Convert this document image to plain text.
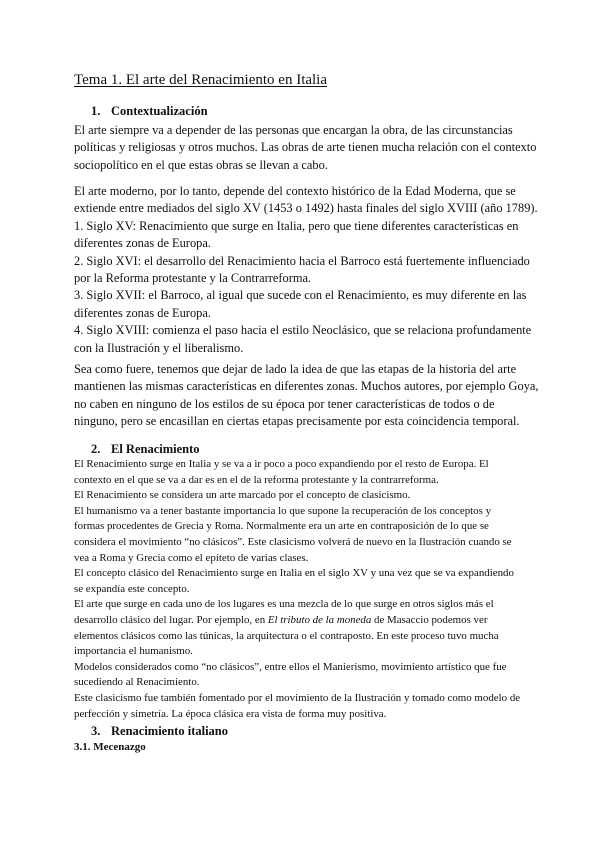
Tema 1. El arte del Renacimiento en Italia
1. Contextualización
El arte siempre va a depender de las personas que encargan la obra, de las circunstancias
políticas y religiosas y otros muchos. Las obras de arte tienen mucha relación con el contexto
sociopolítico en el que estas obras se llevan a cabo.
El arte moderno, por lo tanto, depende del contexto histórico de la Edad Moderna, que se
extiende entre mediados del siglo XV (1453 o 1492) hasta finales del siglo XVIII (año 1789).
1. Siglo XV: Renacimiento que surge en Italia, pero que tiene diferentes características en
diferentes zonas de Europa.
2. Siglo XVI: el desarrollo del Renacimiento hacia el Barroco está fuertemente influenciado
por la Reforma protestante y la Contrarreforma.
3. Siglo XVII: el Barroco, al igual que sucede con el Renacimiento, es muy diferente en las
diferentes zonas de Europa.
4. Siglo XVIII: comienza el paso hacia el estilo Neoclásico, que se relaciona profundamente
con la Ilustración y el liberalismo.
Sea como fuere, tenemos que dejar de lado la idea de que las etapas de la historia del arte
mantienen las mismas características en diferentes zonas. Muchos autores, por ejemplo Goya,
no caben en ninguno de los estilos de su época por tener características de todos o de
ninguno, pero se encasillan en ciertas etapas precisamente por esta coincidencia temporal.
2. El Renacimiento
El Renacimiento surge en Italia y se va a ir poco a poco expandiendo por el resto de Europa. El
contexto en el que se va a dar es en el de la reforma protestante y la contrarreforma.
El Renacimiento se considera un arte marcado por el concepto de clasicismo.
El humanismo va a tener bastante importancia lo que supone la recuperación de los conceptos y
formas procedentes de Grecia y Roma. Normalmente era un arte en contraposición de lo que se
considera el movimiento “no clásicos”. Este clasicismo volverá de nuevo en la Ilustración cuando se
vea a Roma y Grecia como el epíteto de varias clases.
El concepto clásico del Renacimiento surge en Italia en el siglo XV y una vez que se va expandiendo
se expandía este concepto.
El arte que surge en cada uno de los lugares es una mezcla de lo que surge en otros siglos más el
desarrollo clásico del lugar. Por ejemplo, en El tributo de la moneda de Masaccio podemos ver
elementos clásicos como las túnicas, la arquitectura o el contraposto. En este proceso tuvo mucha
importancia el humanismo.
Modelos considerados como “no clásicos”, entre ellos el Manierismo, movimiento artístico que fue
sucediendo al Renacimiento.
Este clasicismo fue también fomentado por el movimiento de la Ilustración y tomado como modelo de
perfección y simetría. La época clásica era vista de forma muy positiva.
3. Renacimiento italiano
3.1. Mecenazgo
